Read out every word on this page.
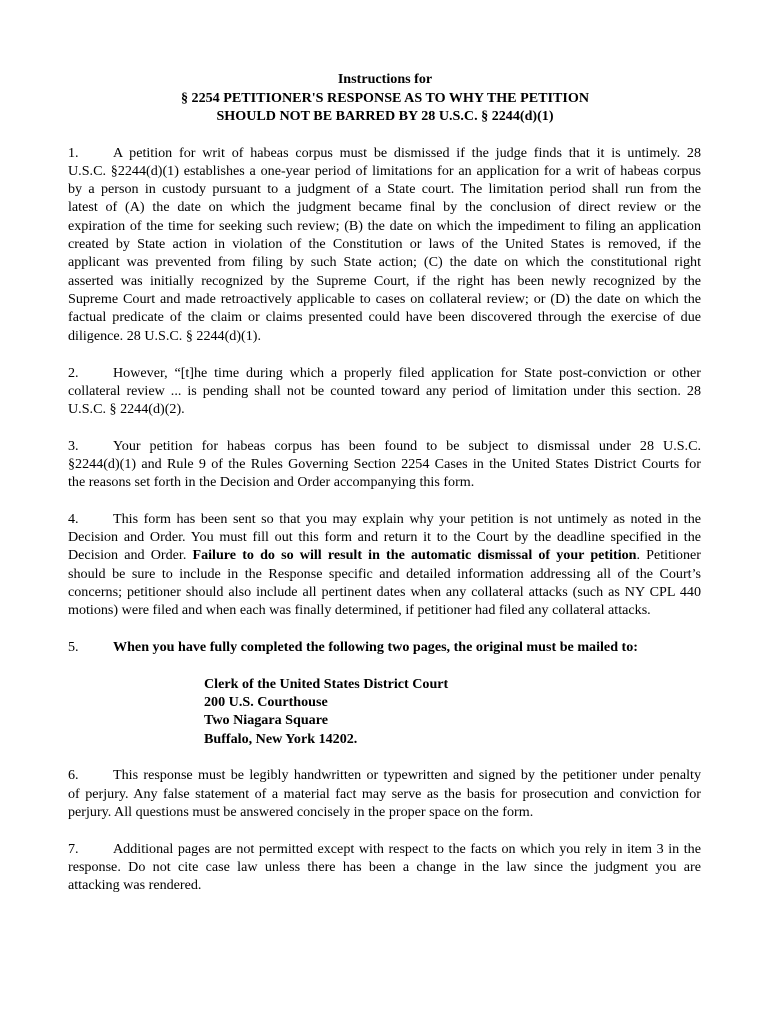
Instructions for
§ 2254 PETITIONER'S RESPONSE AS TO WHY THE PETITION
SHOULD NOT BE BARRED BY 28 U.S.C. § 2244(d)(1)
1. A petition for writ of habeas corpus must be dismissed if the judge finds that it is untimely. 28
U.S.C. §2244(d)(1) establishes a one-year period of limitations for an application for a writ of habeas corpus
by a person in custody pursuant to a judgment of a State court. The limitation period shall run from the
latest of (A) the date on which the judgment became final by the conclusion of direct review or the
expiration of the time for seeking such review; (B) the date on which the impediment to filing an application
created by State action in violation of the Constitution or laws of the United States is removed, if the
applicant was prevented from filing by such State action; (C) the date on which the constitutional right
asserted was initially recognized by the Supreme Court, if the right has been newly recognized by the
Supreme Court and made retroactively applicable to cases on collateral review; or (D) the date on which the
factual predicate of the claim or claims presented could have been discovered through the exercise of due
diligence. 28 U.S.C. § 2244(d)(1).
2. However, “[t]he time during which a properly filed application for State post-conviction or other
collateral review ... is pending shall not be counted toward any period of limitation under this section. 28
U.S.C. § 2244(d)(2).
3. Your petition for habeas corpus has been found to be subject to dismissal under 28 U.S.C.
§2244(d)(1) and Rule 9 of the Rules Governing Section 2254 Cases in the United States District Courts for
the reasons set forth in the Decision and Order accompanying this form.
4. This form has been sent so that you may explain why your petition is not untimely as noted in the
Decision and Order. You must fill out this form and return it to the Court by the deadline specified in the
Decision and Order. Failure to do so will result in the automatic dismissal of your petition. Petitioner
should be sure to include in the Response specific and detailed information addressing all of the Court’s
concerns; petitioner should also include all pertinent dates when any collateral attacks (such as NY CPL 440
motions) were filed and when each was finally determined, if petitioner had filed any collateral attacks.
5. When you have fully completed the following two pages, the original must be mailed to:
Clerk of the United States District Court
200 U.S. Courthouse
Two Niagara Square
Buffalo, New York 14202.
6. This response must be legibly handwritten or typewritten and signed by the petitioner under penalty
of perjury. Any false statement of a material fact may serve as the basis for prosecution and conviction for
perjury. All questions must be answered concisely in the proper space on the form.
7. Additional pages are not permitted except with respect to the facts on which you rely in item 3 in the
response. Do not cite case law unless there has been a change in the law since the judgment you are
attacking was rendered.
